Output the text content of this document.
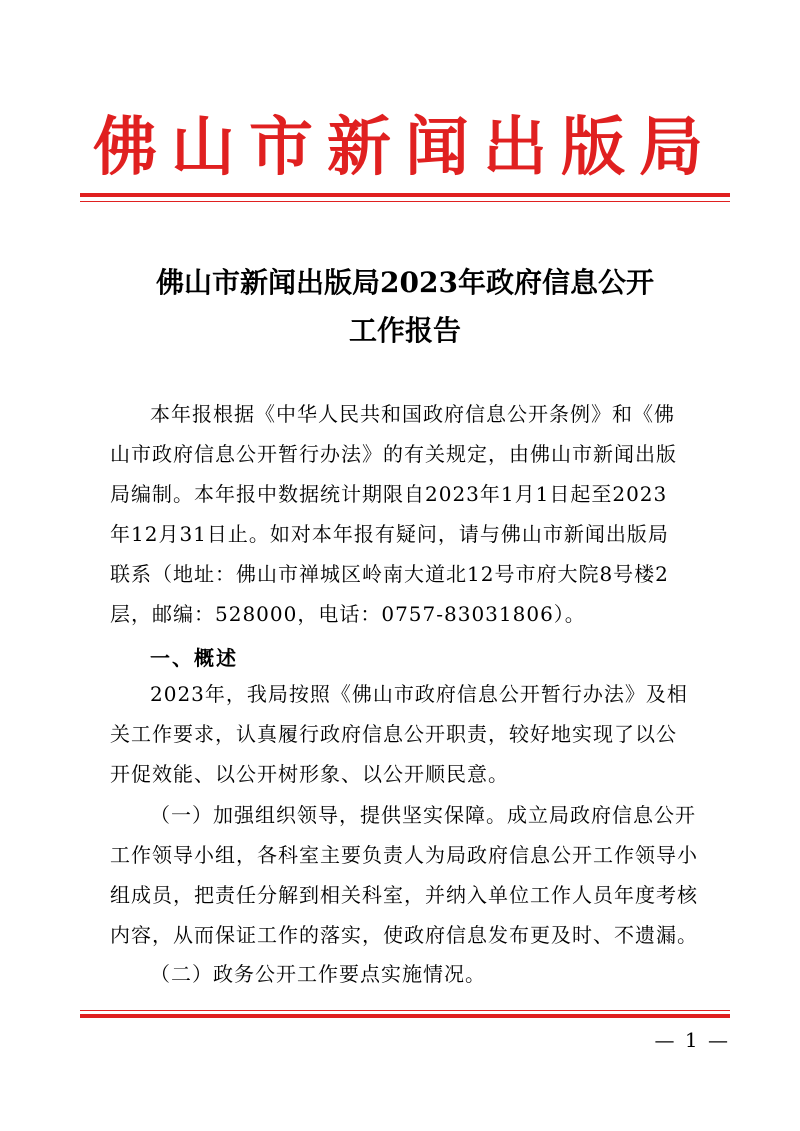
佛山市新闻出版局
佛山市新闻出版局2023年政府信息公开
工作报告
本年报根据《中华人民共和国政府信息公开条例》和《佛
山市政府信息公开暂行办法》的有关规定，由佛山市新闻出版
局编制。本年报中数据统计期限自2023年1月1日起至2023
年12月31日止。如对本年报有疑问，请与佛山市新闻出版局
联系（地址：佛山市禅城区岭南大道北12号市府大院8号楼2
层，邮编：528000，电话：0757-83031806）。
一、概述
2023年，我局按照《佛山市政府信息公开暂行办法》及相
关工作要求，认真履行政府信息公开职责，较好地实现了以公
开促效能、以公开树形象、以公开顺民意。
（一）加强组织领导，提供坚实保障。成立局政府信息公开
工作领导小组，各科室主要负责人为局政府信息公开工作领导小
组成员，把责任分解到相关科室，并纳入单位工作人员年度考核
内容，从而保证工作的落实，使政府信息发布更及时、不遗漏。
（二）政务公开工作要点实施情况。
— 1 —
